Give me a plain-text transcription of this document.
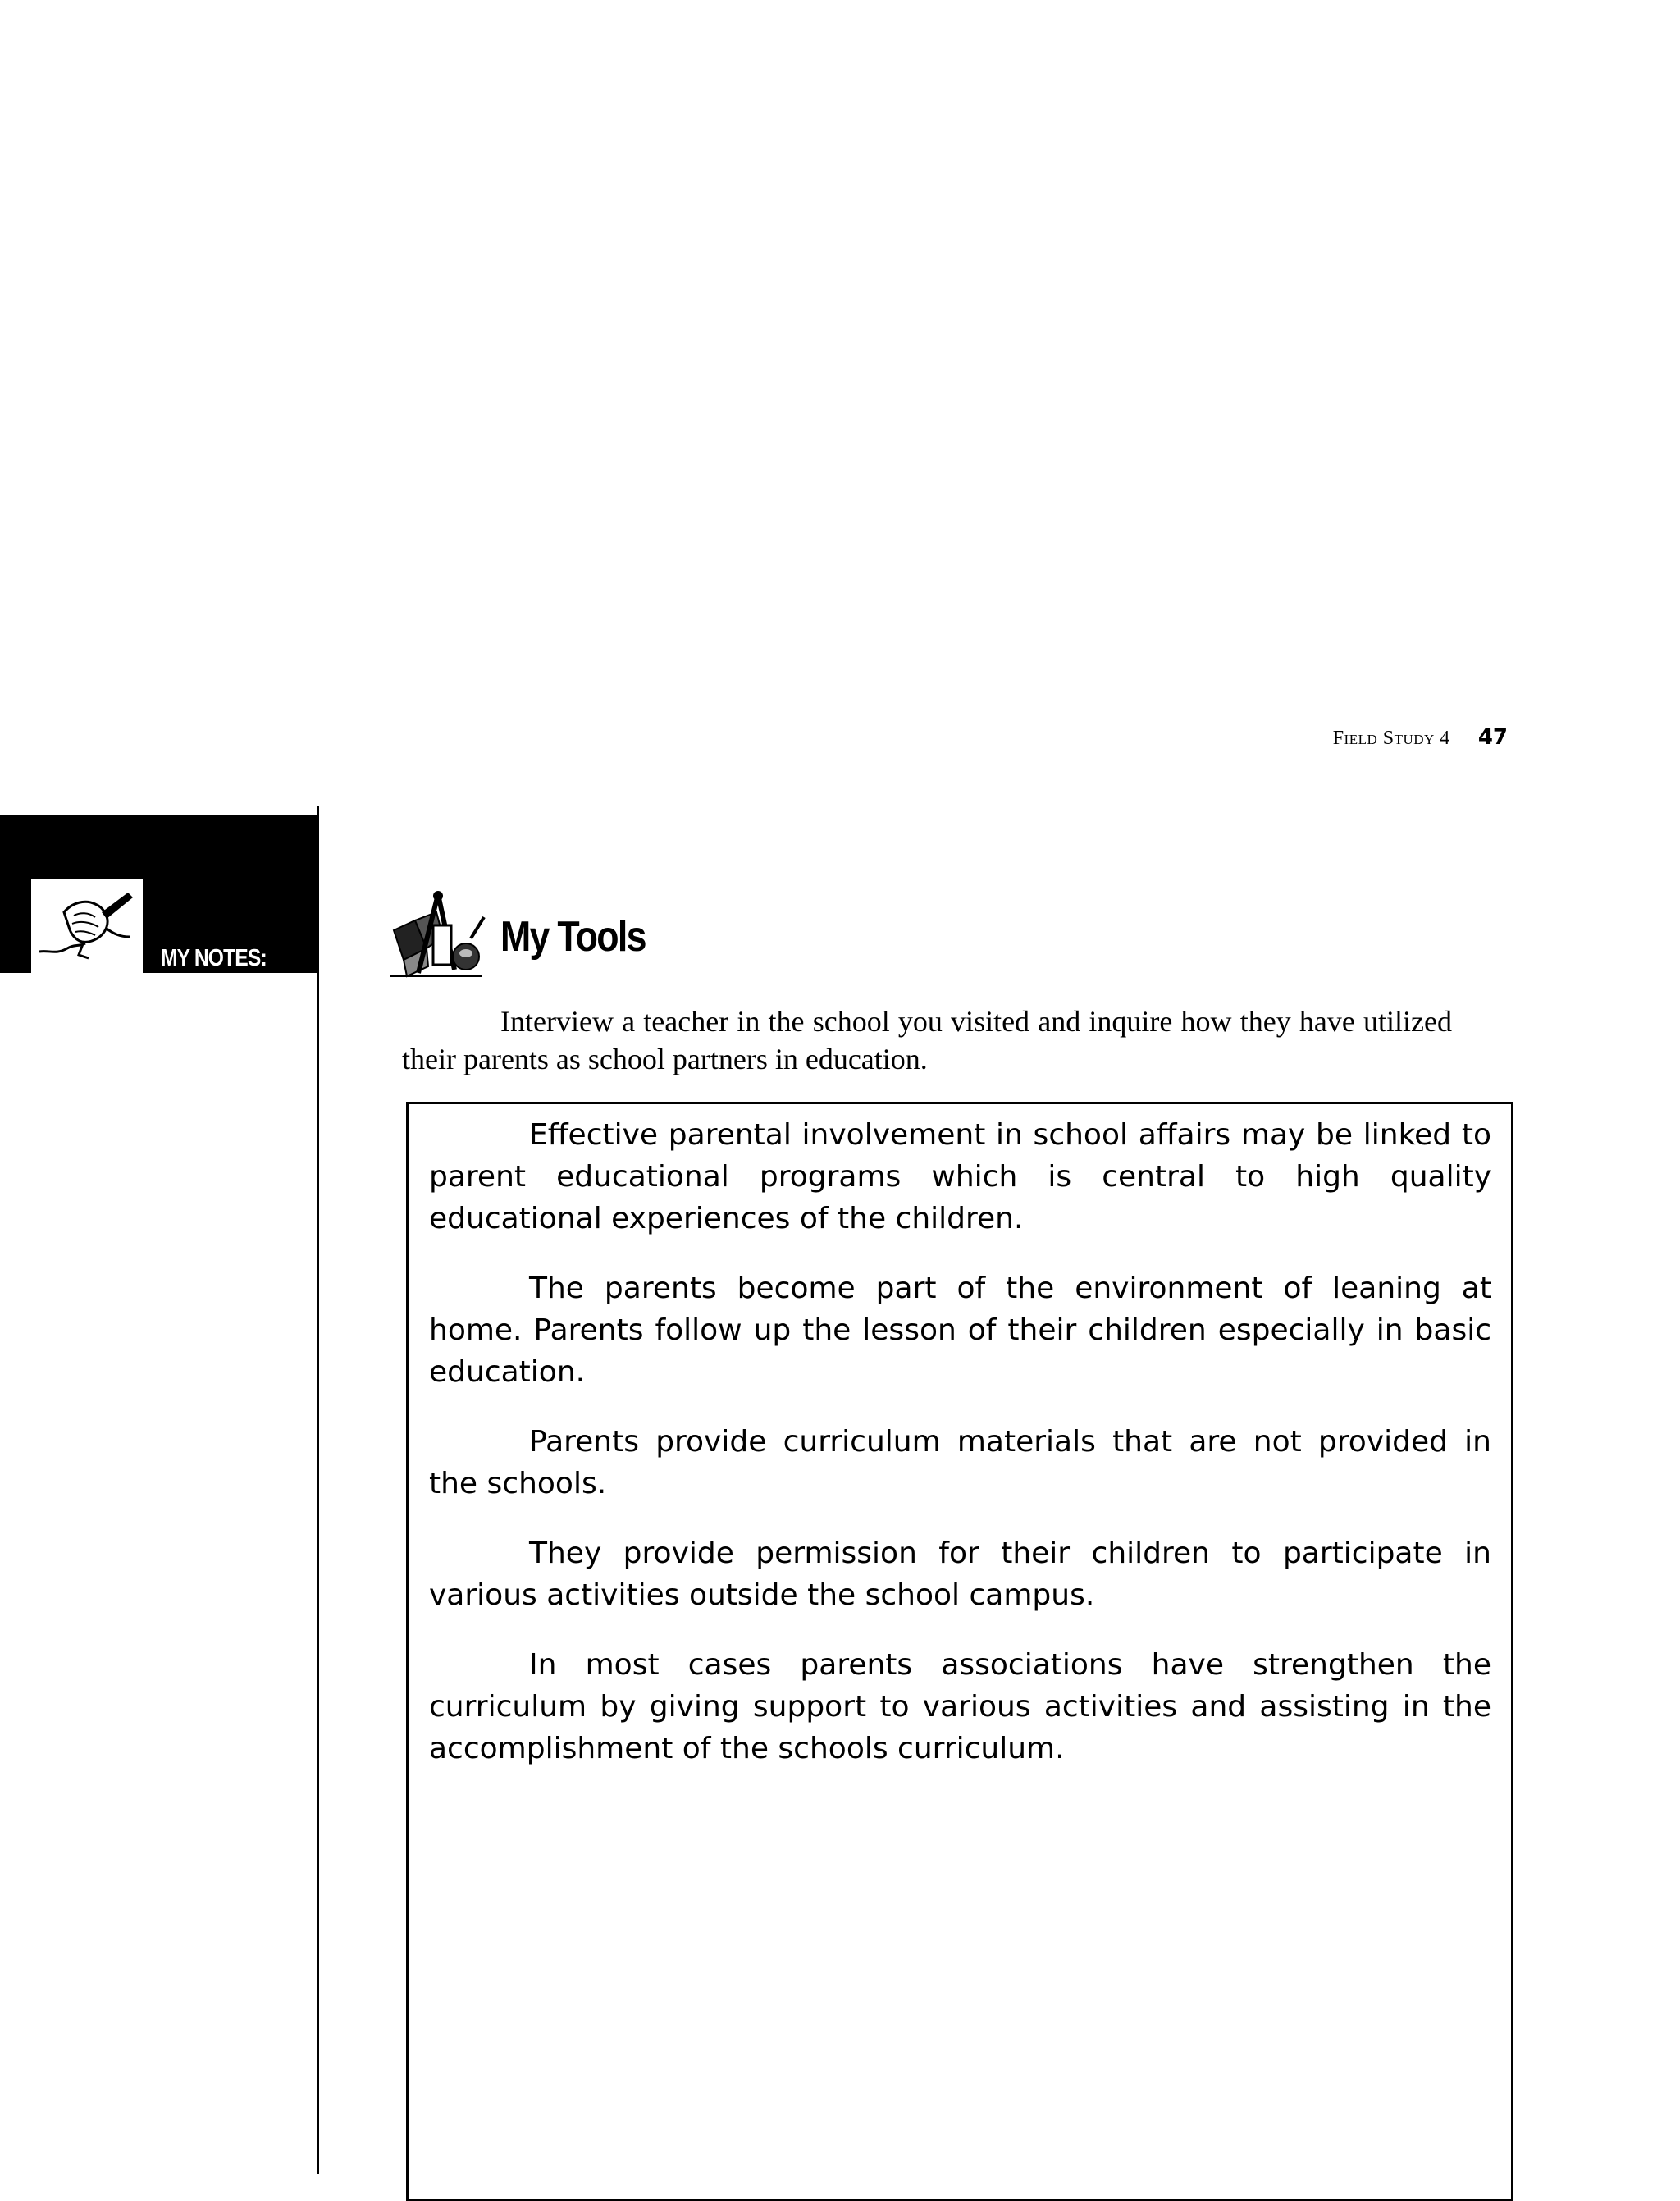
Field Study 4 47
MY NOTES:	My Tools

Interview a teacher in the school you visited and inquire how they have utilized their parents as school partners in education.

Effective parental involvement in school affairs may be linked to parent educational programs which is central to high quality educational experiences of the children.

The parents become part of the environment of leaning at home. Parents follow up the lesson of their children especially in basic education.

Parents provide curriculum materials that are not provided in the schools.

They provide permission for their children to participate in various activities outside the school campus.

In most cases parents associations have strengthen the curriculum by giving support to various activities and assisting in the accomplishment of the schools curriculum.
